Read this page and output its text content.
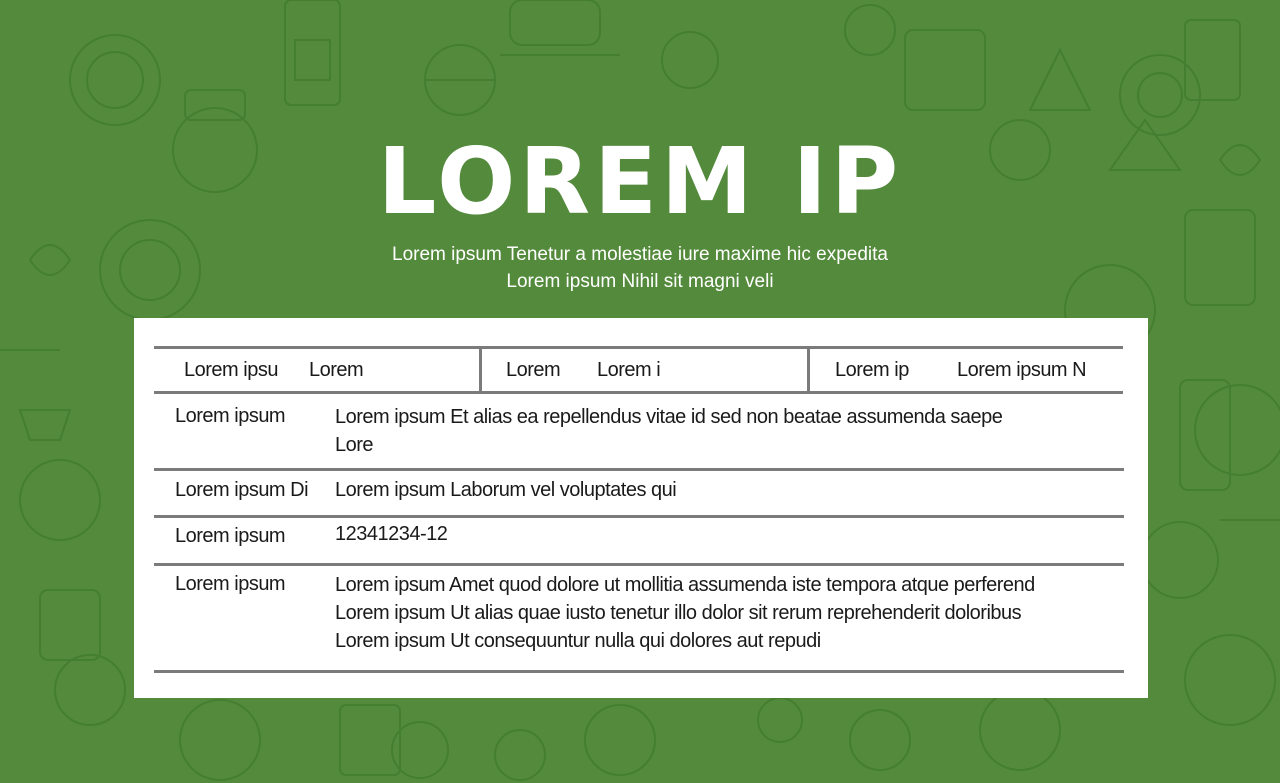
LOREM IP
Lorem ipsum Tenetur a molestiae iure maxime hic expedita
Lorem ipsum Nihil sit magni veli
Lorem ipsu Lorem	Lorem Lorem i	Lorem ip Lorem ipsum N
Lorem ipsum Lorem ipsum Et alias ea repellendus vitae id sed non beatae assumenda saepe
Lore
Lorem ipsum Di Lorem ipsum Laborum vel voluptates qui
Lorem ipsum 12341234-12
Lorem ipsum Lorem ipsum Amet quod dolore ut mollitia assumenda iste tempora atque perferend
Lorem ipsum Ut alias quae iusto tenetur illo dolor sit rerum reprehenderit doloribus
Lorem ipsum Ut consequuntur nulla qui dolores aut repudi
